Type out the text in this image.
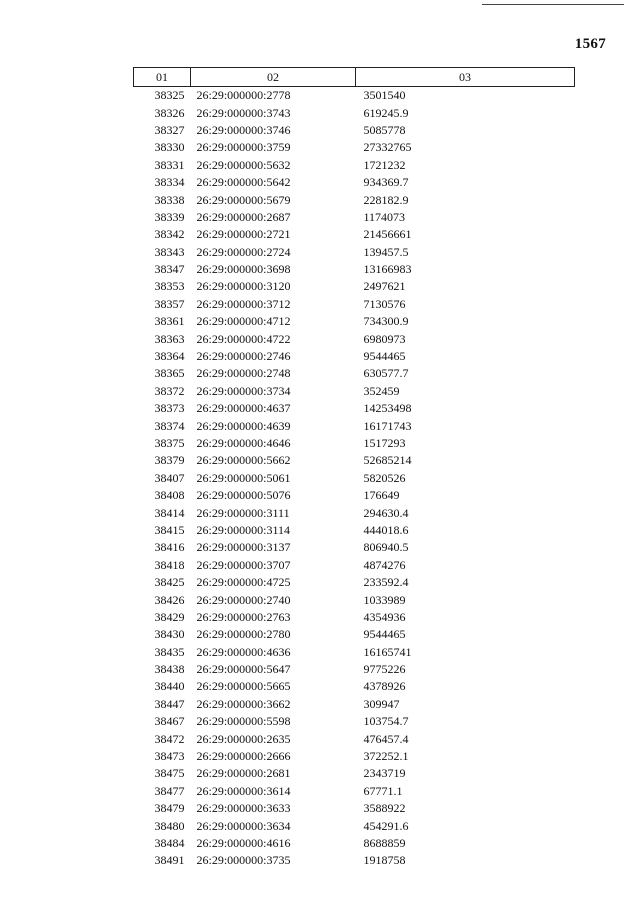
1567
01	02	03
38325	26:29:000000:2778	3501540
38326	26:29:000000:3743	619245.9
38327	26:29:000000:3746	5085778
38330	26:29:000000:3759	27332765
38331	26:29:000000:5632	1721232
38334	26:29:000000:5642	934369.7
38338	26:29:000000:5679	228182.9
38339	26:29:000000:2687	1174073
38342	26:29:000000:2721	21456661
38343	26:29:000000:2724	139457.5
38347	26:29:000000:3698	13166983
38353	26:29:000000:3120	2497621
38357	26:29:000000:3712	7130576
38361	26:29:000000:4712	734300.9
38363	26:29:000000:4722	6980973
38364	26:29:000000:2746	9544465
38365	26:29:000000:2748	630577.7
38372	26:29:000000:3734	352459
38373	26:29:000000:4637	14253498
38374	26:29:000000:4639	16171743
38375	26:29:000000:4646	1517293
38379	26:29:000000:5662	52685214
38407	26:29:000000:5061	5820526
38408	26:29:000000:5076	176649
38414	26:29:000000:3111	294630.4
38415	26:29:000000:3114	444018.6
38416	26:29:000000:3137	806940.5
38418	26:29:000000:3707	4874276
38425	26:29:000000:4725	233592.4
38426	26:29:000000:2740	1033989
38429	26:29:000000:2763	4354936
38430	26:29:000000:2780	9544465
38435	26:29:000000:4636	16165741
38438	26:29:000000:5647	9775226
38440	26:29:000000:5665	4378926
38447	26:29:000000:3662	309947
38467	26:29:000000:5598	103754.7
38472	26:29:000000:2635	476457.4
38473	26:29:000000:2666	372252.1
38475	26:29:000000:2681	2343719
38477	26:29:000000:3614	67771.1
38479	26:29:000000:3633	3588922
38480	26:29:000000:3634	454291.6
38484	26:29:000000:4616	8688859
38491	26:29:000000:3735	1918758
